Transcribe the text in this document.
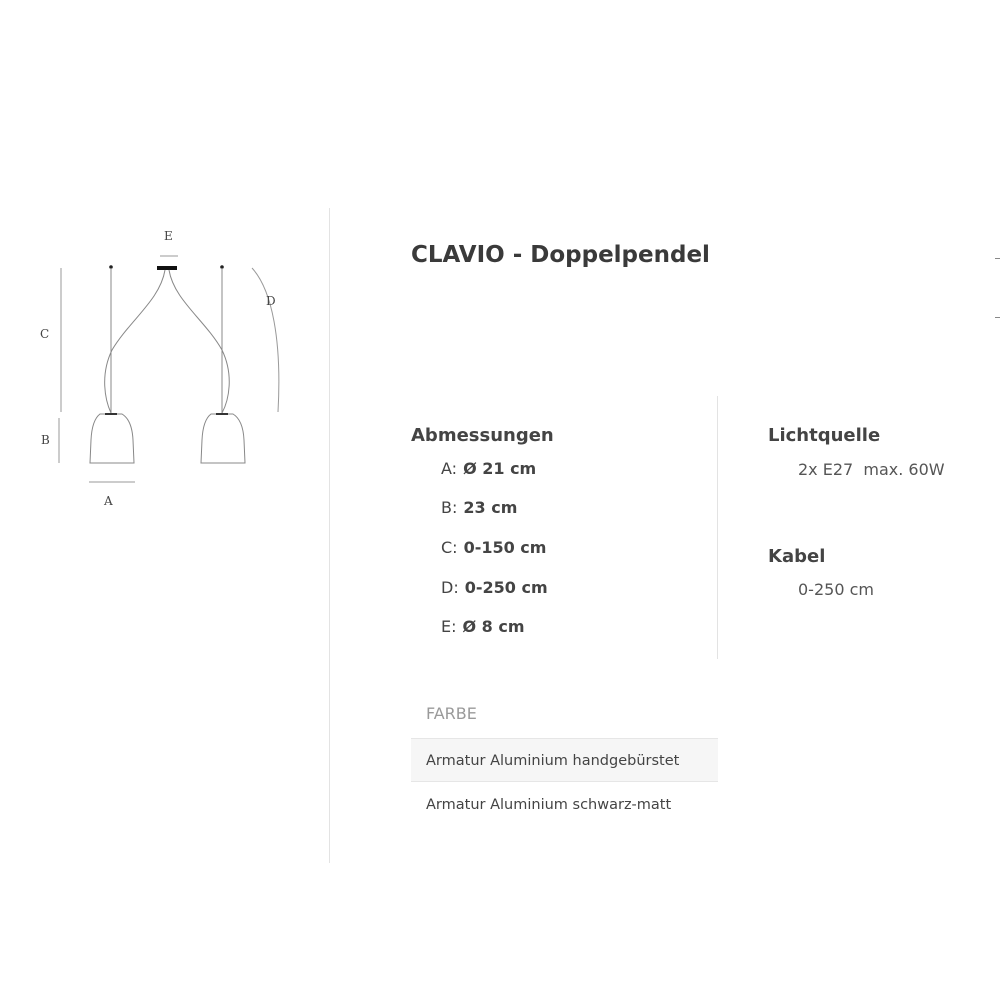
E
C
B
A
D
CLAVIO - Doppelpendel
Abmessungen
A: Ø 21 cm
B: 23 cm
C: 0-150 cm
D: 0-250 cm
E: Ø 8 cm
Lichtquelle
2x E27  max. 60W
Kabel
0-250 cm
FARBE
Armatur Aluminium handgebürstet
Armatur Aluminium schwarz-matt
